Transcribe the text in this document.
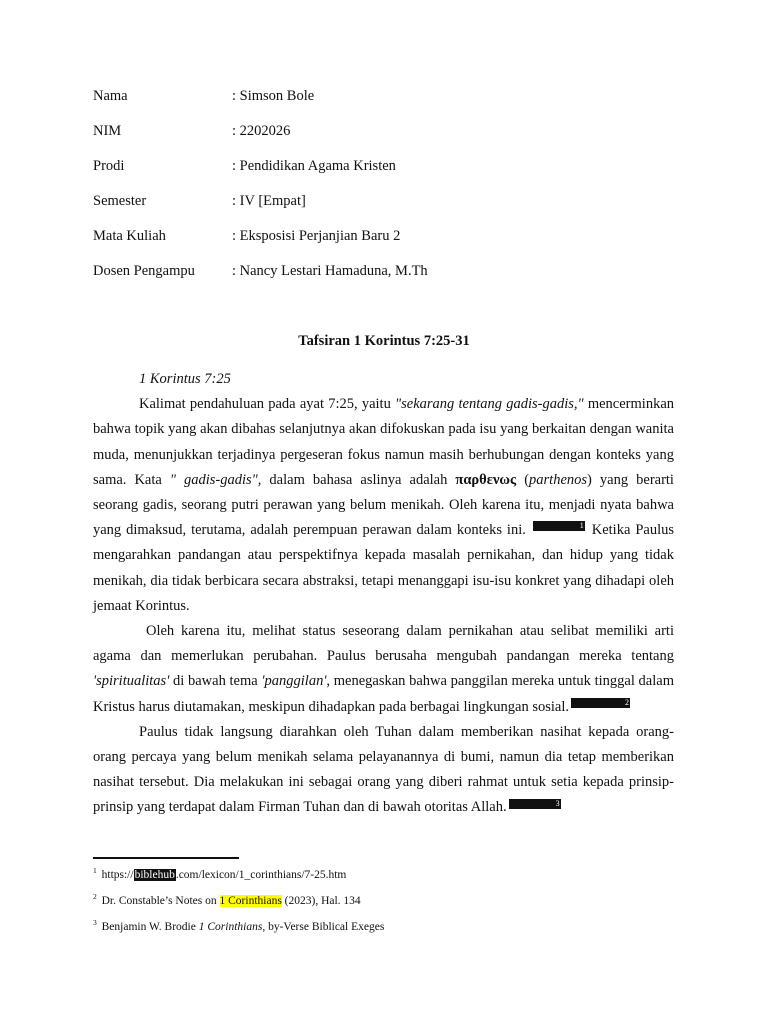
Nama	: Simson Bole
NIM	: 2202026
Prodi	: Pendidikan Agama Kristen
Semester	: IV [Empat]
Mata Kuliah	: Eksposisi Perjanjian Baru 2
Dosen Pengampu	: Nancy Lestari Hamaduna, M.Th
Tafsiran 1 Korintus 7:25-31
1 Korintus 7:25

Kalimat pendahuluan pada ayat 7:25, yaitu "sekarang tentang gadis-gadis," mencerminkan bahwa topik yang akan dibahas selanjutnya akan difokuskan pada isu yang berkaitan dengan wanita muda, menunjukkan terjadinya pergeseran fokus namun masih berhubungan dengan konteks yang sama. Kata " gadis-gadis", dalam bahasa aslinya adalah παρθενως (parthenos) yang berarti seorang gadis, seorang putri perawan yang belum menikah. Oleh karena itu, menjadi nyata bahwa yang dimaksud, terutama, adalah perempuan perawan dalam konteks ini.	1 Ketika Paulus mengarahkan pandangan atau perspektifnya kepada masalah pernikahan, dan hidup yang tidak menikah, dia tidak berbicara secara abstraksi, tetapi menanggapi isu-isu konkret yang dihadapi oleh jemaat Korintus.

Oleh karena itu, melihat status seseorang dalam pernikahan atau selibat memiliki arti agama dan memerlukan perubahan. Paulus berusaha mengubah pandangan mereka tentang 'spiritualitas' di bawah tema 'panggilan', menegaskan bahwa panggilan mereka untuk tinggal dalam Kristus harus diutamakan, meskipun dihadapkan pada berbagai lingkungan sosial.	2

Paulus tidak langsung diarahkan oleh Tuhan dalam memberikan nasihat kepada orang-orang percaya yang belum menikah selama pelayanannya di bumi, namun dia tetap memberikan nasihat tersebut. Dia melakukan ini sebagai orang yang diberi rahmat untuk setia kepada prinsip-prinsip yang terdapat dalam Firman Tuhan dan di bawah otoritas Allah.	3

$^1$ https://biblehub.com/lexicon/1_corinthians/7-25.htm
$^2$ Dr. Constable’s Notes on 1 Corinthians (2023), Hal. 134
$^3$ Benjamin W. Brodie 1 Corinthians, by-Verse Biblical Exeges
